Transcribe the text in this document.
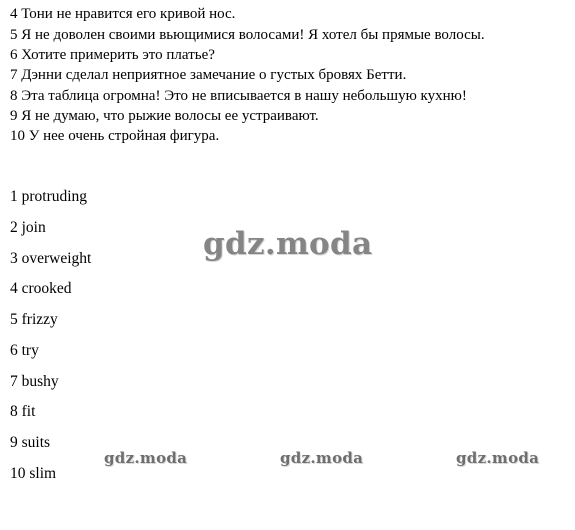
4 Тони не нравится его кривой нос.
5 Я не доволен своими вьющимися волосами! Я хотел бы прямые волосы.
6 Хотите примерить это платье?
7 Дэнни сделал неприятное замечание о густых бровях Бетти.
8 Эта таблица огромна! Это не вписывается в нашу небольшую кухню!
9 Я не думаю, что рыжие волосы ее устраивают.
10 У нее очень стройная фигура.
1 protruding
2 join
3 overweight
4 crooked
5 frizzy
6 try
7 bushy
8 fit
9 suits
10 slim
gdz.moda
gdz.moda	gdz.moda	gdz.moda
